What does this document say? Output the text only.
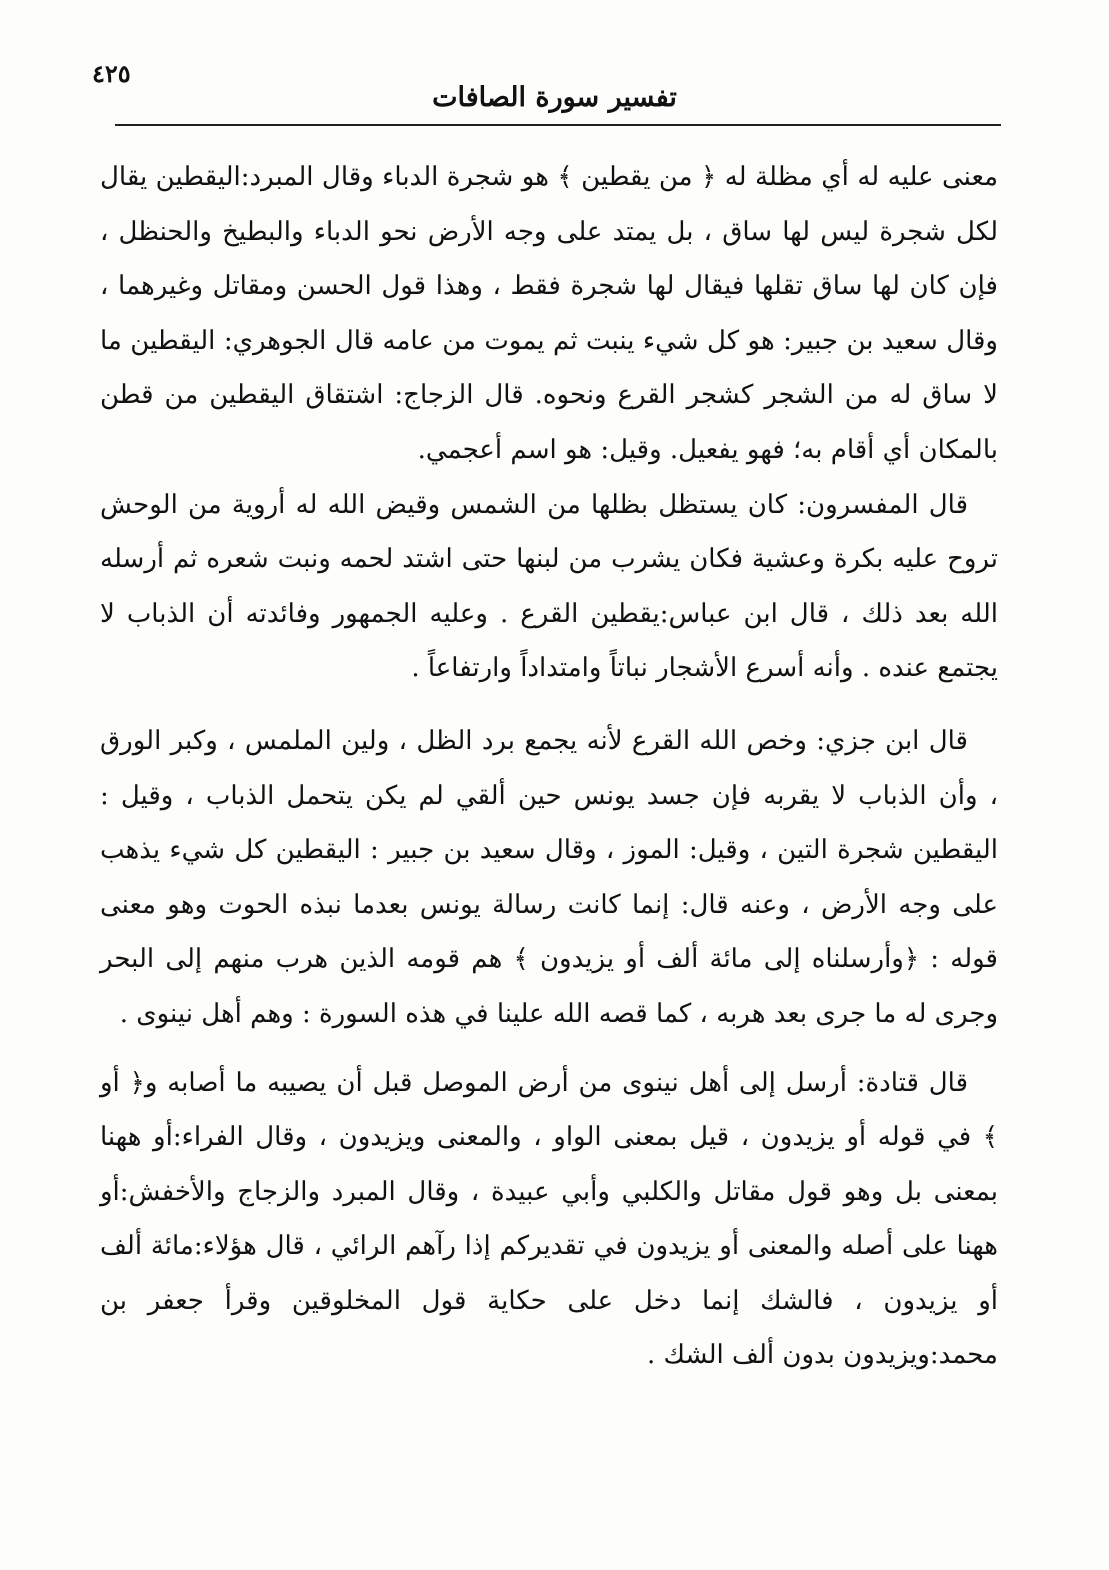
٤٢٥
تفسير سورة الصافات

معنى عليه له أي مظلة له ﴿ من يقطين ﴾ هو شجرة الدباء وقال المبرد:اليقطين يقال لكل شجرة ليس لها ساق ، بل يمتد على وجه الأرض نحو الدباء والبطيخ والحنظل ، فإن كان لها ساق تقلها فيقال لها شجرة فقط ، وهذا قول الحسن ومقاتل وغيرهما ، وقال سعيد بن جبير: هو كل شيء ينبت ثم يموت من عامه قال الجوهري: اليقطين ما لا ساق له من الشجر كشجر القرع ونحوه. قال الزجاج: اشتقاق اليقطين من قطن بالمكان أي أقام به؛ فهو يفعيل. وقيل: هو اسم أعجمي.

قال المفسرون: كان يستظل بظلها من الشمس وقيض الله له أروية من الوحش تروح عليه بكرة وعشية فكان يشرب من لبنها حتى اشتد لحمه ونبت شعره ثم أرسله الله بعد ذلك ، قال ابن عباس:يقطين القرع . وعليه الجمهور وفائدته أن الذباب لا يجتمع عنده . وأنه أسرع الأشجار نباتاً وامتداداً وارتفاعاً .

قال ابن جزي: وخص الله القرع لأنه يجمع برد الظل ، ولين الملمس ، وكبر الورق ، وأن الذباب لا يقربه فإن جسد يونس حين ألقي لم يكن يتحمل الذباب ، وقيل : اليقطين شجرة التين ، وقيل: الموز ، وقال سعيد بن جبير : اليقطين كل شيء يذهب على وجه الأرض ، وعنه قال: إنما كانت رسالة يونس بعدما نبذه الحوت وهو معنى قوله : ﴿وأرسلناه إلى مائة ألف أو يزيدون ﴾ هم قومه الذين هرب منهم إلى البحر وجرى له ما جرى بعد هربه ، كما قصه الله علينا في هذه السورة : وهم أهل نينوى .

قال قتادة: أرسل إلى أهل نينوى من أرض الموصل قبل أن يصيبه ما أصابه و﴿ أو ﴾ في قوله أو يزيدون ، قيل بمعنى الواو ، والمعنى ويزيدون ، وقال الفراء:أو ههنا بمعنى بل وهو قول مقاتل والكلبي وأبي عبيدة ، وقال المبرد والزجاج والأخفش:أو ههنا على أصله والمعنى أو يزيدون في تقديركم إذا رآهم الرائي ، قال هؤلاء:مائة ألف أو يزيدون ، فالشك إنما دخل على حكاية قول المخلوقين وقرأ جعفر بن محمد:ويزيدون بدون ألف الشك .
